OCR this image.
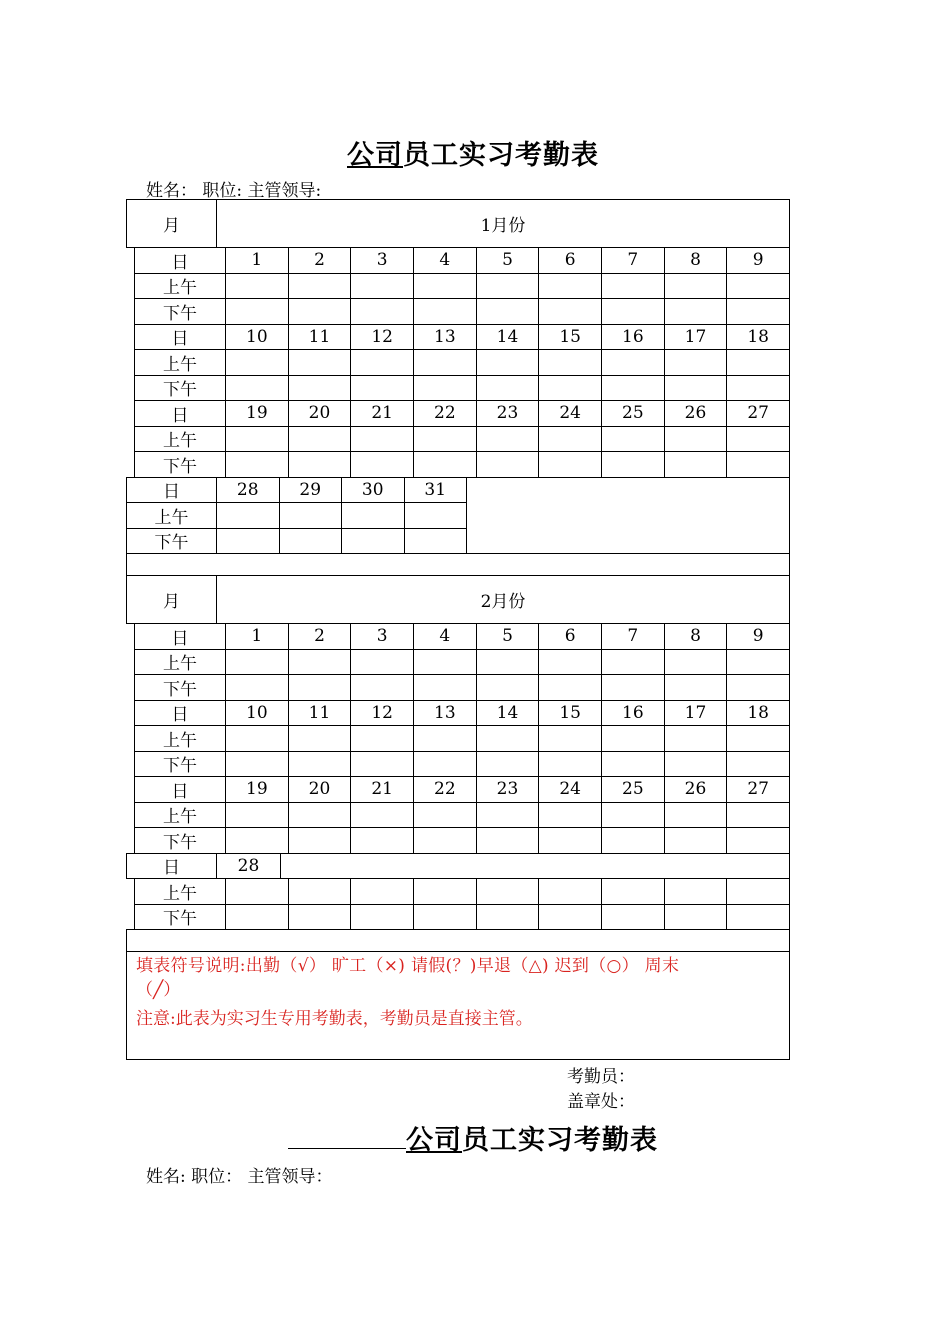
公司员工实习考勤表
姓名： 职位: 主管领导:
月	1月份
日	1	2	3	4	5	6	7	8	9
上午
下午
日	10	11	12	13	14	15	16	17	18
上午
下午
日	19	20	21	22	23	24	25	26	27
上午
下午
日	28	29	30	31
上午
下午
月	2月份
日	1	2	3	4	5	6	7	8	9
上午
下午
日	10	11	12	13	14	15	16	17	18
上午
下午
日	19	20	21	22	23	24	25	26	27
上午
下午
日	28
上午
下午
填表符号说明:出勤（√） 旷工（×) 请假(？)早退（△) 迟到（○） 周末
（╱）
注意:此表为实习生专用考勤表，考勤员是直接主管。
考勤员：
盖章处：
公司员工实习考勤表
姓名: 职位： 主管领导：
